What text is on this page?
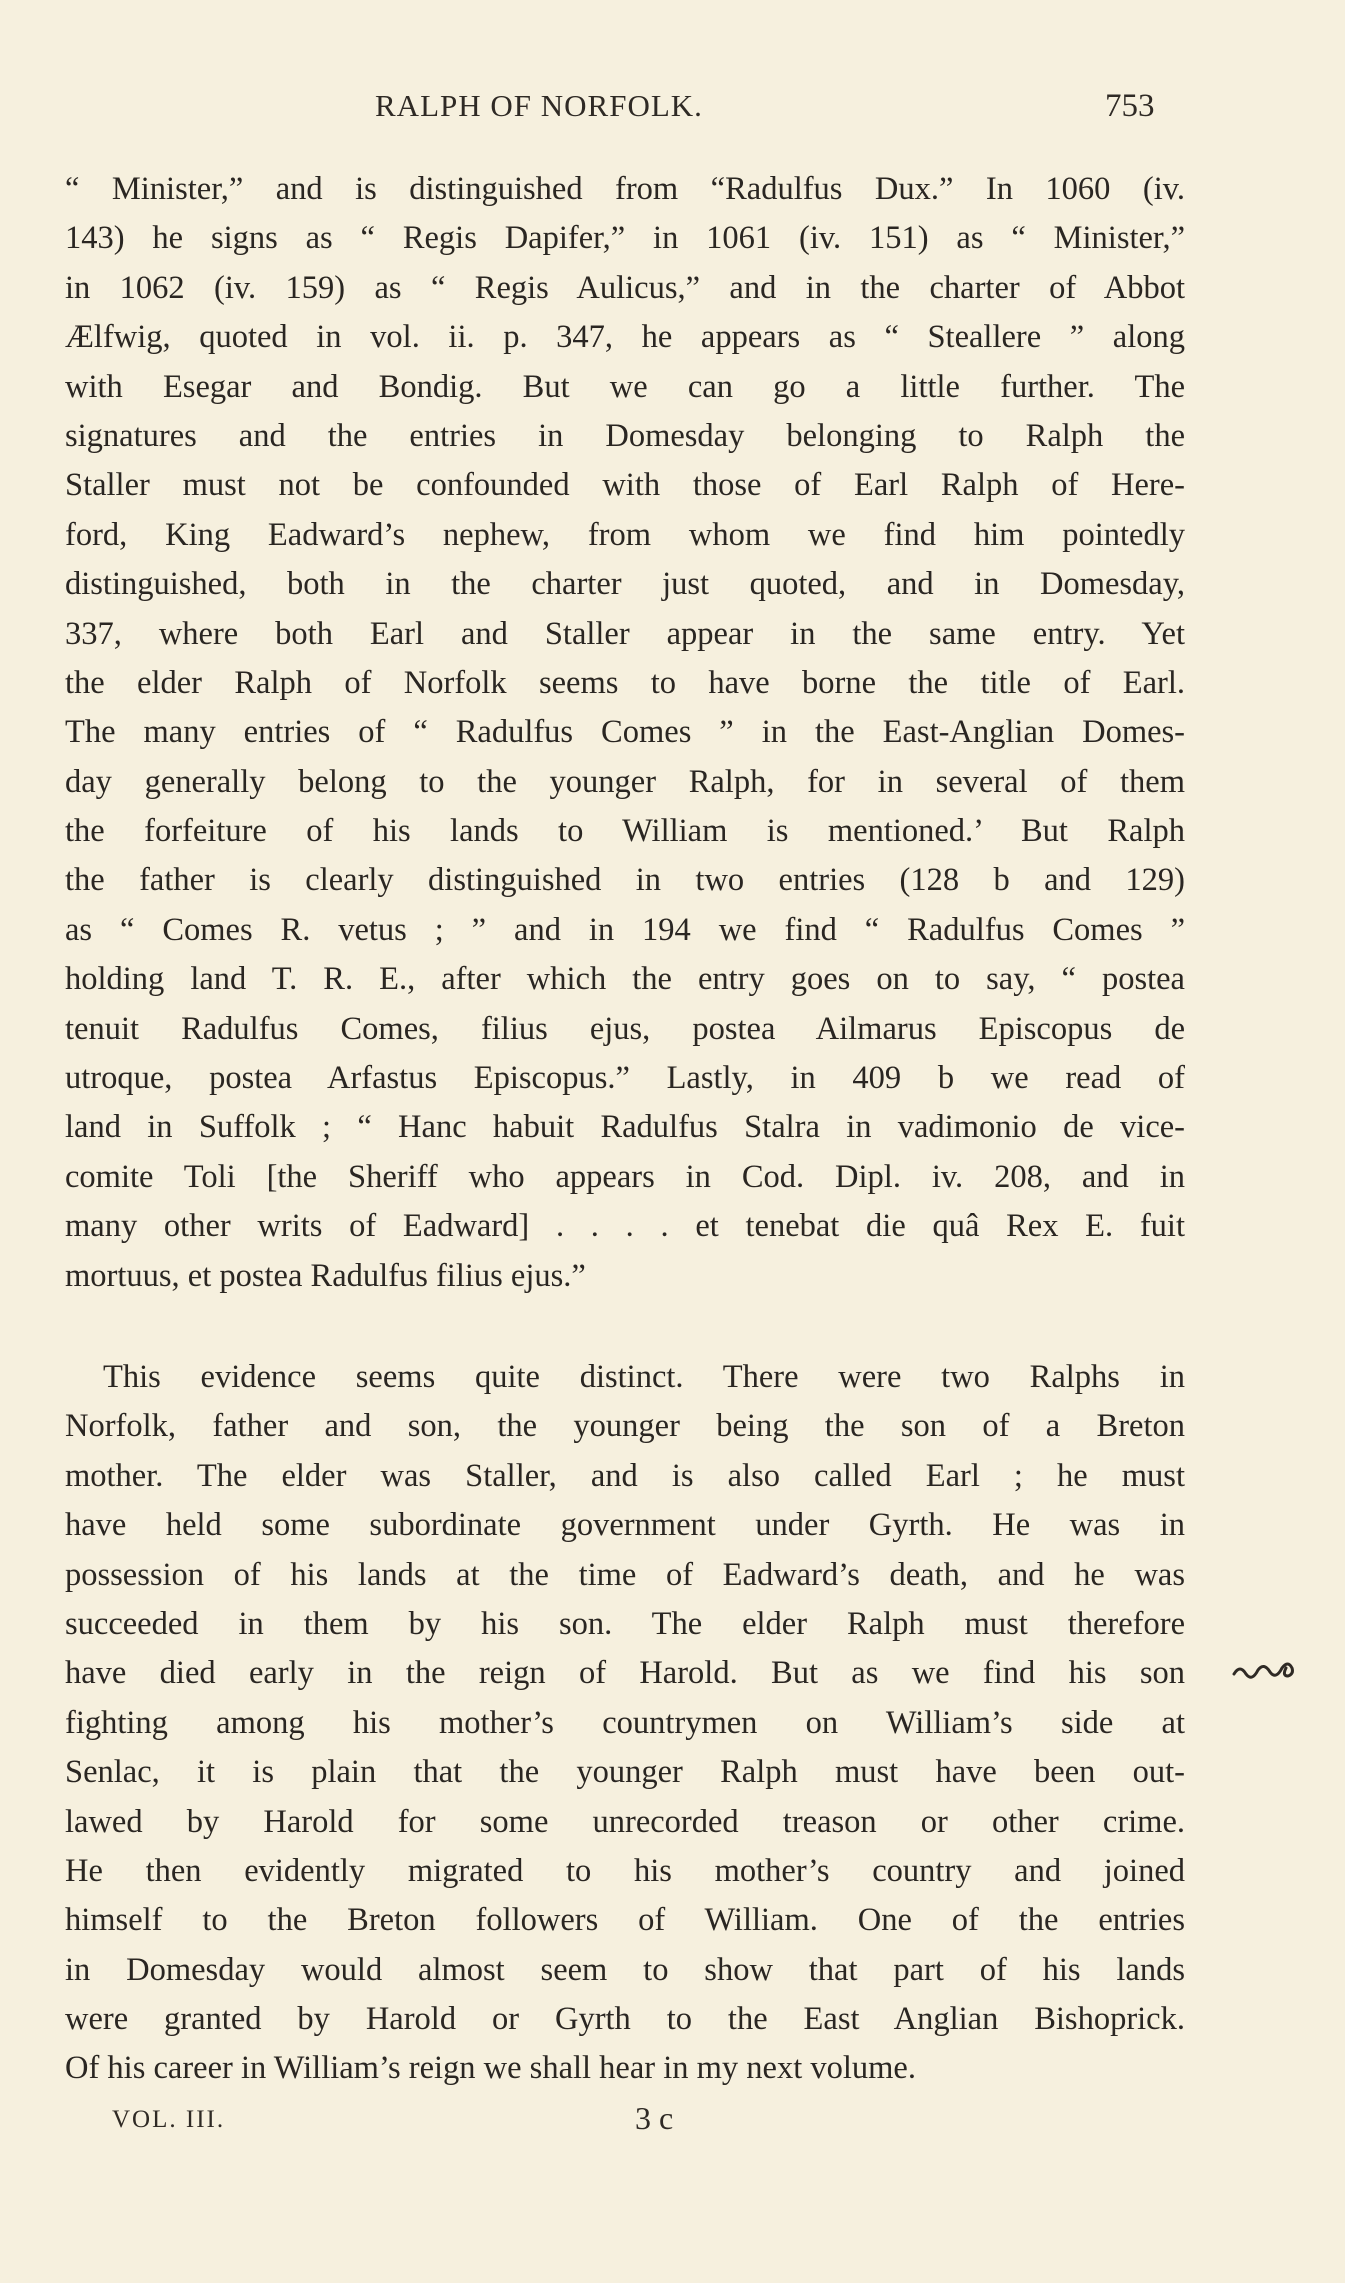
RALPH OF NORFOLK.	753
“ Minister,” and is distinguished from “Radulfus Dux.” In 1060 (iv.
143) he signs as “ Regis Dapifer,” in 1061 (iv. 151) as “ Minister,”
in 1062 (iv. 159) as “ Regis Aulicus,” and in the charter of Abbot
Ælfwig, quoted in vol. ii. p. 347, he appears as “ Steallere ” along
with Esegar and Bondig. But we can go a little further. The
signatures and the entries in Domesday belonging to Ralph the
Staller must not be confounded with those of Earl Ralph of Here-
ford, King Eadward’s nephew, from whom we find him pointedly
distinguished, both in the charter just quoted, and in Domesday,
337, where both Earl and Staller appear in the same entry. Yet
the elder Ralph of Norfolk seems to have borne the title of Earl.
The many entries of “ Radulfus Comes ” in the East-Anglian Domes-
day generally belong to the younger Ralph, for in several of them
the forfeiture of his lands to William is mentioned.’ But Ralph
the father is clearly distinguished in two entries (128 b and 129)
as “ Comes R. vetus ; ” and in 194 we find “ Radulfus Comes ”
holding land T. R. E., after which the entry goes on to say, “ postea
tenuit Radulfus Comes, filius ejus, postea Ailmarus Episcopus de
utroque, postea Arfastus Episcopus.” Lastly, in 409 b we read of
land in Suffolk ; “ Hanc habuit Radulfus Stalra in vadimonio de vice-
comite Toli [the Sheriff who appears in Cod. Dipl. iv. 208, and in
many other writs of Eadward] . . . . et tenebat die quâ Rex E. fuit
mortuus, et postea Radulfus filius ejus.”
This evidence seems quite distinct. There were two Ralphs in
Norfolk, father and son, the younger being the son of a Breton
mother. The elder was Staller, and is also called Earl ; he must
have held some subordinate government under Gyrth. He was in
possession of his lands at the time of Eadward’s death, and he was
succeeded in them by his son. The elder Ralph must therefore
have died early in the reign of Harold. But as we find his son
fighting among his mother’s countrymen on William’s side at
Senlac, it is plain that the younger Ralph must have been out-
lawed by Harold for some unrecorded treason or other crime.
He then evidently migrated to his mother’s country and joined
himself to the Breton followers of William. One of the entries
in Domesday would almost seem to show that part of his lands
were granted by Harold or Gyrth to the East Anglian Bishoprick.
Of his career in William’s reign we shall hear in my next volume.
VOL. III.	3 c
